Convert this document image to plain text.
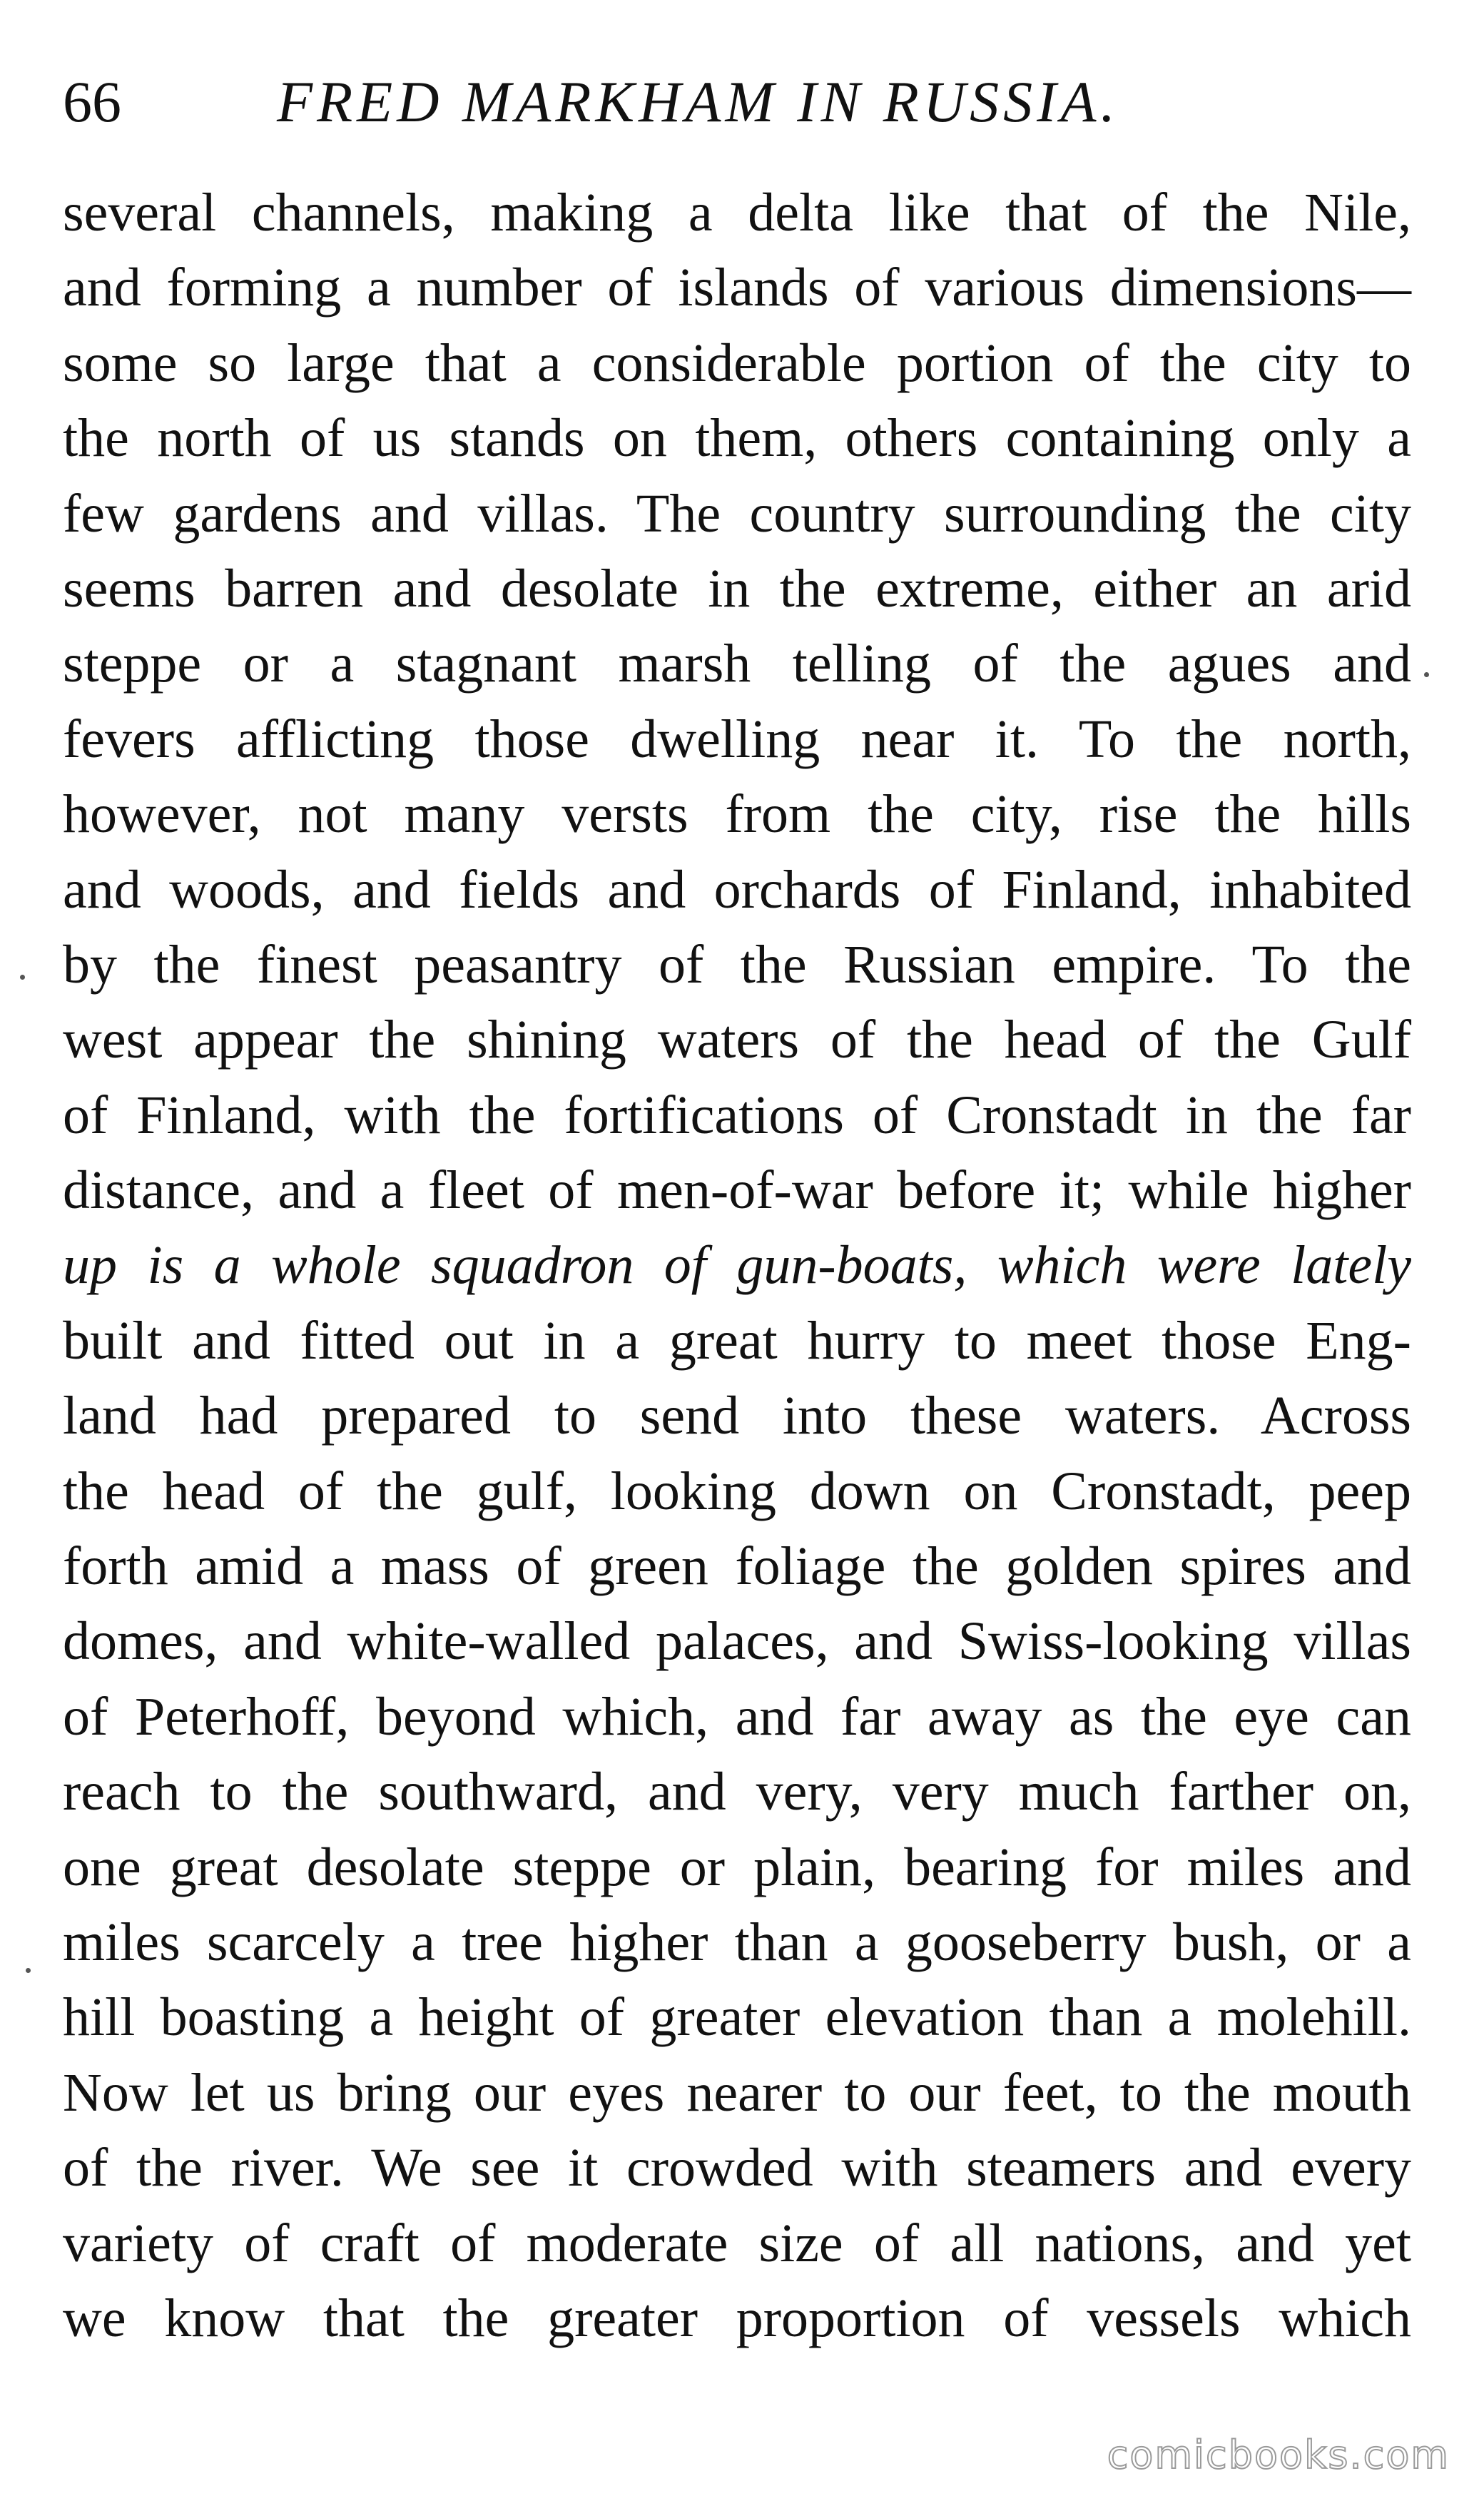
66	FRED MARKHAM IN RUSSIA.
several channels, making a delta like that of the Nile,
and forming a number of islands of various dimensions—
some so large that a considerable portion of the city to
the north of us stands on them, others containing only a
few gardens and villas. The country surrounding the city
seems barren and desolate in the extreme, either an arid
steppe or a stagnant marsh telling of the agues and
fevers afflicting those dwelling near it. To the north,
however, not many versts from the city, rise the hills
and woods, and fields and orchards of Finland, inhabited
by the finest peasantry of the Russian empire. To the
west appear the shining waters of the head of the Gulf
of Finland, with the fortifications of Cronstadt in the far
distance, and a fleet of men-of-war before it; while higher
up is a whole squadron of gun-boats, which were lately
built and fitted out in a great hurry to meet those Eng-
land had prepared to send into these waters. Across
the head of the gulf, looking down on Cronstadt, peep
forth amid a mass of green foliage the golden spires and
domes, and white-walled palaces, and Swiss-looking villas
of Peterhoff, beyond which, and far away as the eye can
reach to the southward, and very, very much farther on,
one great desolate steppe or plain, bearing for miles and
miles scarcely a tree higher than a gooseberry bush, or a
hill boasting a height of greater elevation than a molehill.
Now let us bring our eyes nearer to our feet, to the mouth
of the river. We see it crowded with steamers and every
variety of craft of moderate size of all nations, and yet
we know that the greater proportion of vessels which
comicbooks.com
